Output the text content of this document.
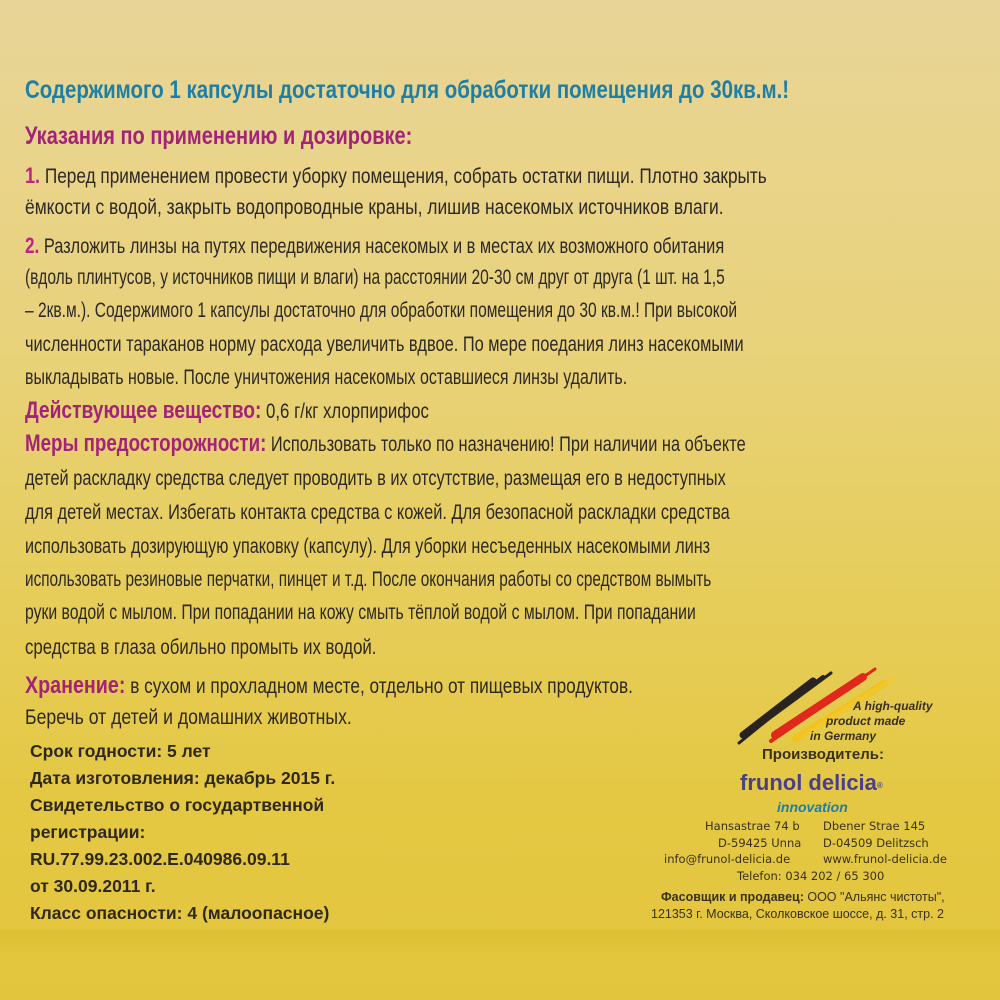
Содержимого 1 капсулы достаточно для обработки помещения до 30кв.м.!
Указания по применению и дозировке:
1. Перед применением провести уборку помещения, собрать остатки пищи. Плотно закрыть
ёмкости с водой, закрыть водопроводные краны, лишив насекомых источников влаги.
2. Разложить линзы на путях передвижения насекомых и в местах их возможного обитания
(вдоль плинтусов, у источников пищи и влаги) на расстоянии 20-30 см друг от друга (1 шт. на 1,5
– 2кв.м.). Содержимого 1 капсулы достаточно для обработки помещения до 30 кв.м.! При высокой
численности тараканов норму расхода увеличить вдвое. По мере поедания линз насекомыми
выкладывать новые. После уничтожения насекомых оставшиеся линзы удалить.
Действующее вещество: 0,6 г/кг хлорпирифос
Меры предосторожности: Использовать только по назначению! При наличии на объекте
детей раскладку средства следует проводить в их отсутствие, размещая его в недоступных
для детей местах. Избегать контакта средства с кожей. Для безопасной раскладки средства
использовать дозирующую упаковку (капсулу). Для уборки несъеденных насекомыми линз
использовать резиновые перчатки, пинцет и т.д. После окончания работы со средством вымыть
руки водой с мылом. При попадании на кожу смыть тёплой водой с мылом. При попадании
средства в глаза обильно промыть их водой.
Хранение: в сухом и прохладном месте, отдельно от пищевых продуктов.
Беречь от детей и домашних животных.
Срок годности: 5 лет
Дата изготовления: декабрь 2015 г.
Свидетельство о государтвенной
регистрации:
RU.77.99.23.002.E.040986.09.11
от 30.09.2011 г.
Класс опасности: 4 (малоопасное)
A high-quality
product made
in Germany
Производитель:
frunol delicia®
innovation
Hansastrae 74 b
D-59425 Unna
info@frunol-delicia.de
Dbener Strae 145
D-04509 Delitzsch
www.frunol-delicia.de
Telefon: 034 202 / 65 300
Фасовщик и продавец: ООО "Альянс чистоты",
121353 г. Москва, Сколковское шоссе, д. 31, стр. 2
